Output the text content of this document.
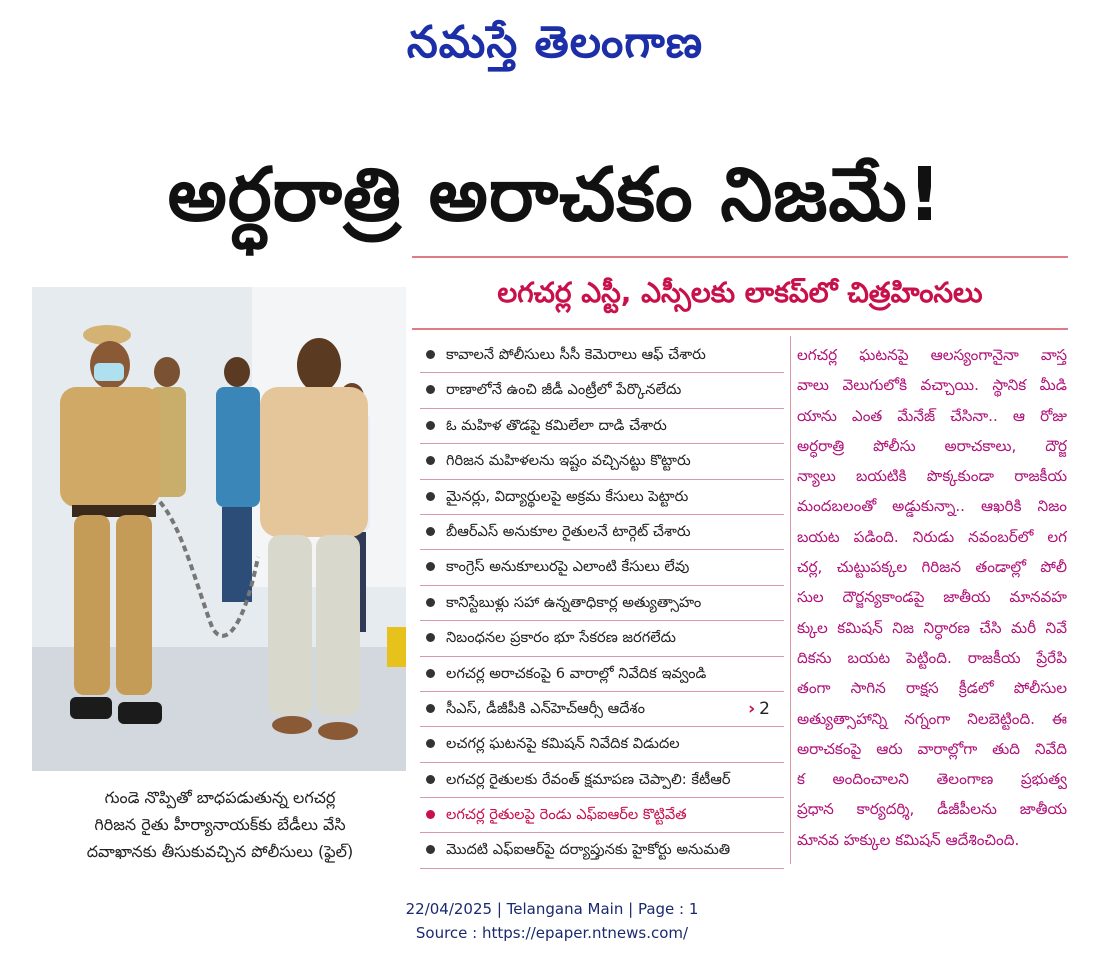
నమస్తే తెలంగాణ
అర్ధరాత్రి అరాచకం నిజమే!
లగచర్ల ఎస్టీ, ఎస్సీలకు లాకప్‌లో చిత్రహింసలు
గుండె నొప్పితో బాధపడుతున్న లగచర్ల
గిరిజన రైతు హీర్యానాయక్‌కు బేడీలు వేసి
దవాఖానకు తీసుకువచ్చిన పోలీసులు (ఫైల్)
కావాలనే పోలీసులు సీసీ కెమెరాలు ఆఫ్ చేశారు
రాణాలోనే ఉంచి జీడీ ఎంట్రీలో పేర్కొనలేదు
ఓ మహిళ తొడపై కమిలేలా దాడి చేశారు
గిరిజన మహిళలను ఇష్టం వచ్చినట్టు కొట్టారు
మైనర్లు, విద్యార్థులపై అక్రమ కేసులు పెట్టారు
బీఆర్‌ఎస్ అనుకూల రైతులనే టార్గెట్ చేశారు
కాంగ్రెస్ అనుకూలురపై ఎలాంటి కేసులు లేవు
కానిస్టేబుళ్లు సహా ఉన్నతాధికార్ల అత్యుత్సాహం
నిబంధనల ప్రకారం భూ సేకరణ జరగలేదు
లగచర్ల అరాచకంపై 6 వారాల్లో నివేదిక ఇవ్వండి
సీఎస్, డీజీపీకి ఎన్‌హెచ్‌ఆర్సీ ఆదేశం	› 2
లచగర్ల ఘటనపై కమిషన్ నివేదిక విడుదల
లగచర్ల రైతులకు రేవంత్ క్షమాపణ చెప్పాలి: కేటీఆర్
లగచర్ల రైతులపై రెండు ఎఫ్ఐఆర్‌ల కొట్టివేత
మొదటి ఎఫ్ఐఆర్‌పై దర్యాప్తునకు హైకోర్టు అనుమతి
లగచర్ల ఘటనపై ఆలస్యంగానైనా వాస్త
వాలు వెలుగులోకి వచ్చాయి. స్థానిక మీడి
యాను ఎంత మేనేజ్ చేసినా.. ఆ రోజు
అర్ధరాత్రి పోలీసు అరాచకాలు, దౌర్జ
న్యాలు బయటికి పొక్కకుండా రాజకీయ
మందబలంతో అడ్డుకున్నా.. ఆఖరికి నిజం
బయట పడింది. నిరుడు నవంబర్‌లో లగ
చర్ల, చుట్టుపక్కల గిరిజన తండాల్లో పోలీ
సుల దౌర్జన్యకాండపై జాతీయ మానవహ
క్కుల కమిషన్ నిజ నిర్ధారణ చేసి మరీ నివే
దికను బయట పెట్టింది. రాజకీయ ప్రేరేపి
తంగా సాగిన రాక్షస క్రీడలో పోలీసుల
అత్యుత్సాహాన్ని నగ్నంగా నిలబెట్టింది. ఈ
అరాచకంపై ఆరు వారాల్లోగా తుది నివేది
క అందించాలని తెలంగాణ ప్రభుత్వ
ప్రధాన కార్యదర్శి, డీజీపీలను జాతీయ
మానవ హక్కుల కమిషన్ ఆదేశించింది.
22/04/2025 | Telangana Main | Page : 1
Source : https://epaper.ntnews.com/
